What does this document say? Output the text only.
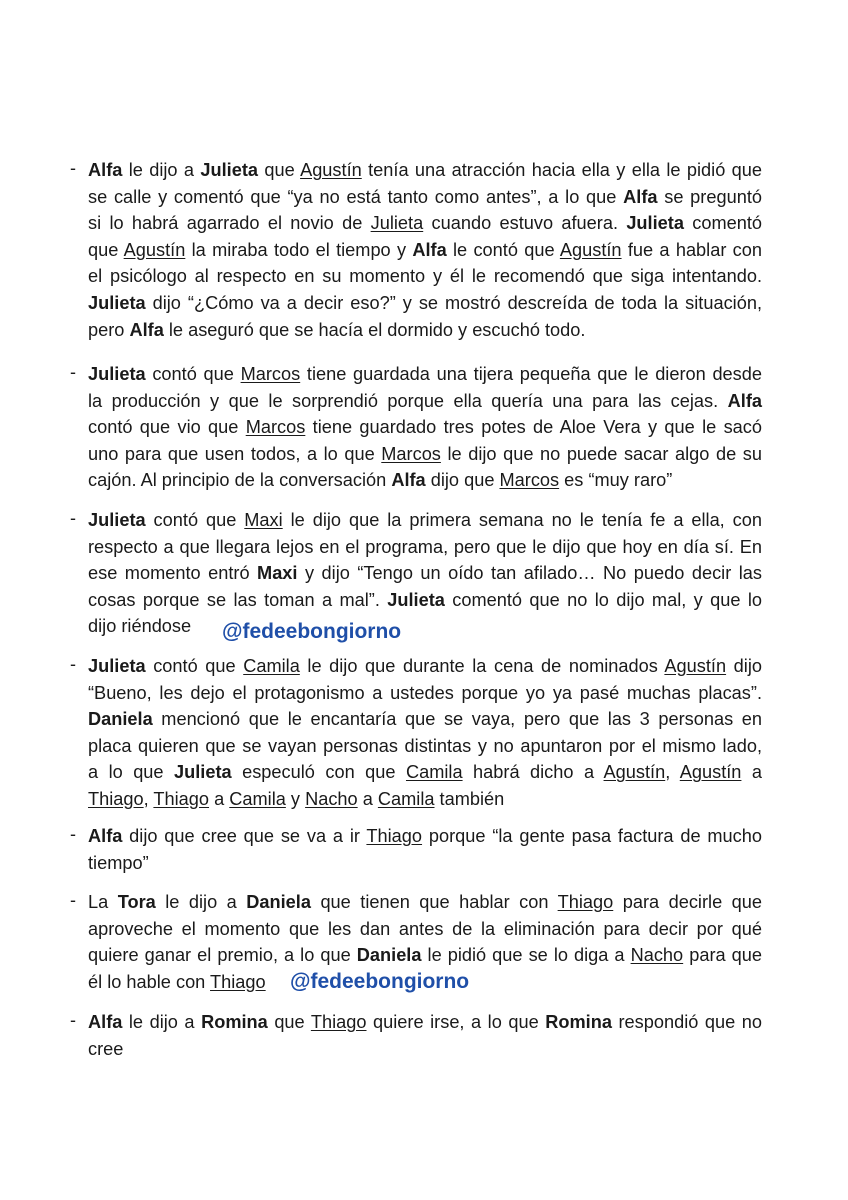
- Alfa le dijo a Julieta que Agustín tenía una atracción hacia ella y ella le pidió que
se calle y comentó que “ya no está tanto como antes”, a lo que Alfa se preguntó
si lo habrá agarrado el novio de Julieta cuando estuvo afuera. Julieta comentó
que Agustín la miraba todo el tiempo y Alfa le contó que Agustín fue a hablar con
el psicólogo al respecto en su momento y él le recomendó que siga intentando.
Julieta dijo “¿Cómo va a decir eso?” y se mostró descreída de toda la situación,
pero Alfa le aseguró que se hacía el dormido y escuchó todo.
- Julieta contó que Marcos tiene guardada una tijera pequeña que le dieron desde
la producción y que le sorprendió porque ella quería una para las cejas. Alfa
contó que vio que Marcos tiene guardado tres potes de Aloe Vera y que le sacó
uno para que usen todos, a lo que Marcos le dijo que no puede sacar algo de su
cajón. Al principio de la conversación Alfa dijo que Marcos es “muy raro”
- Julieta contó que Maxi le dijo que la primera semana no le tenía fe a ella, con
respecto a que llegara lejos en el programa, pero que le dijo que hoy en día sí. En
ese momento entró Maxi y dijo “Tengo un oído tan afilado… No puedo decir las
cosas porque se las toman a mal”. Julieta comentó que no lo dijo mal, y que lo
dijo riéndose
- Julieta contó que Camila le dijo que durante la cena de nominados Agustín dijo
“Bueno, les dejo el protagonismo a ustedes porque yo ya pasé muchas placas”.
Daniela mencionó que le encantaría que se vaya, pero que las 3 personas en
placa quieren que se vayan personas distintas y no apuntaron por el mismo lado,
a lo que Julieta especuló con que Camila habrá dicho a Agustín, Agustín a
Thiago, Thiago a Camila y Nacho a Camila también
- Alfa dijo que cree que se va a ir Thiago porque “la gente pasa factura de mucho
tiempo”
- La Tora le dijo a Daniela que tienen que hablar con Thiago para decirle que
aproveche el momento que les dan antes de la eliminación para decir por qué
quiere ganar el premio, a lo que Daniela le pidió que se lo diga a Nacho para que
él lo hable con Thiago
- Alfa le dijo a Romina que Thiago quiere irse, a lo que Romina respondió que no
cree
@fedeebongiorno
@fedeebongiorno
